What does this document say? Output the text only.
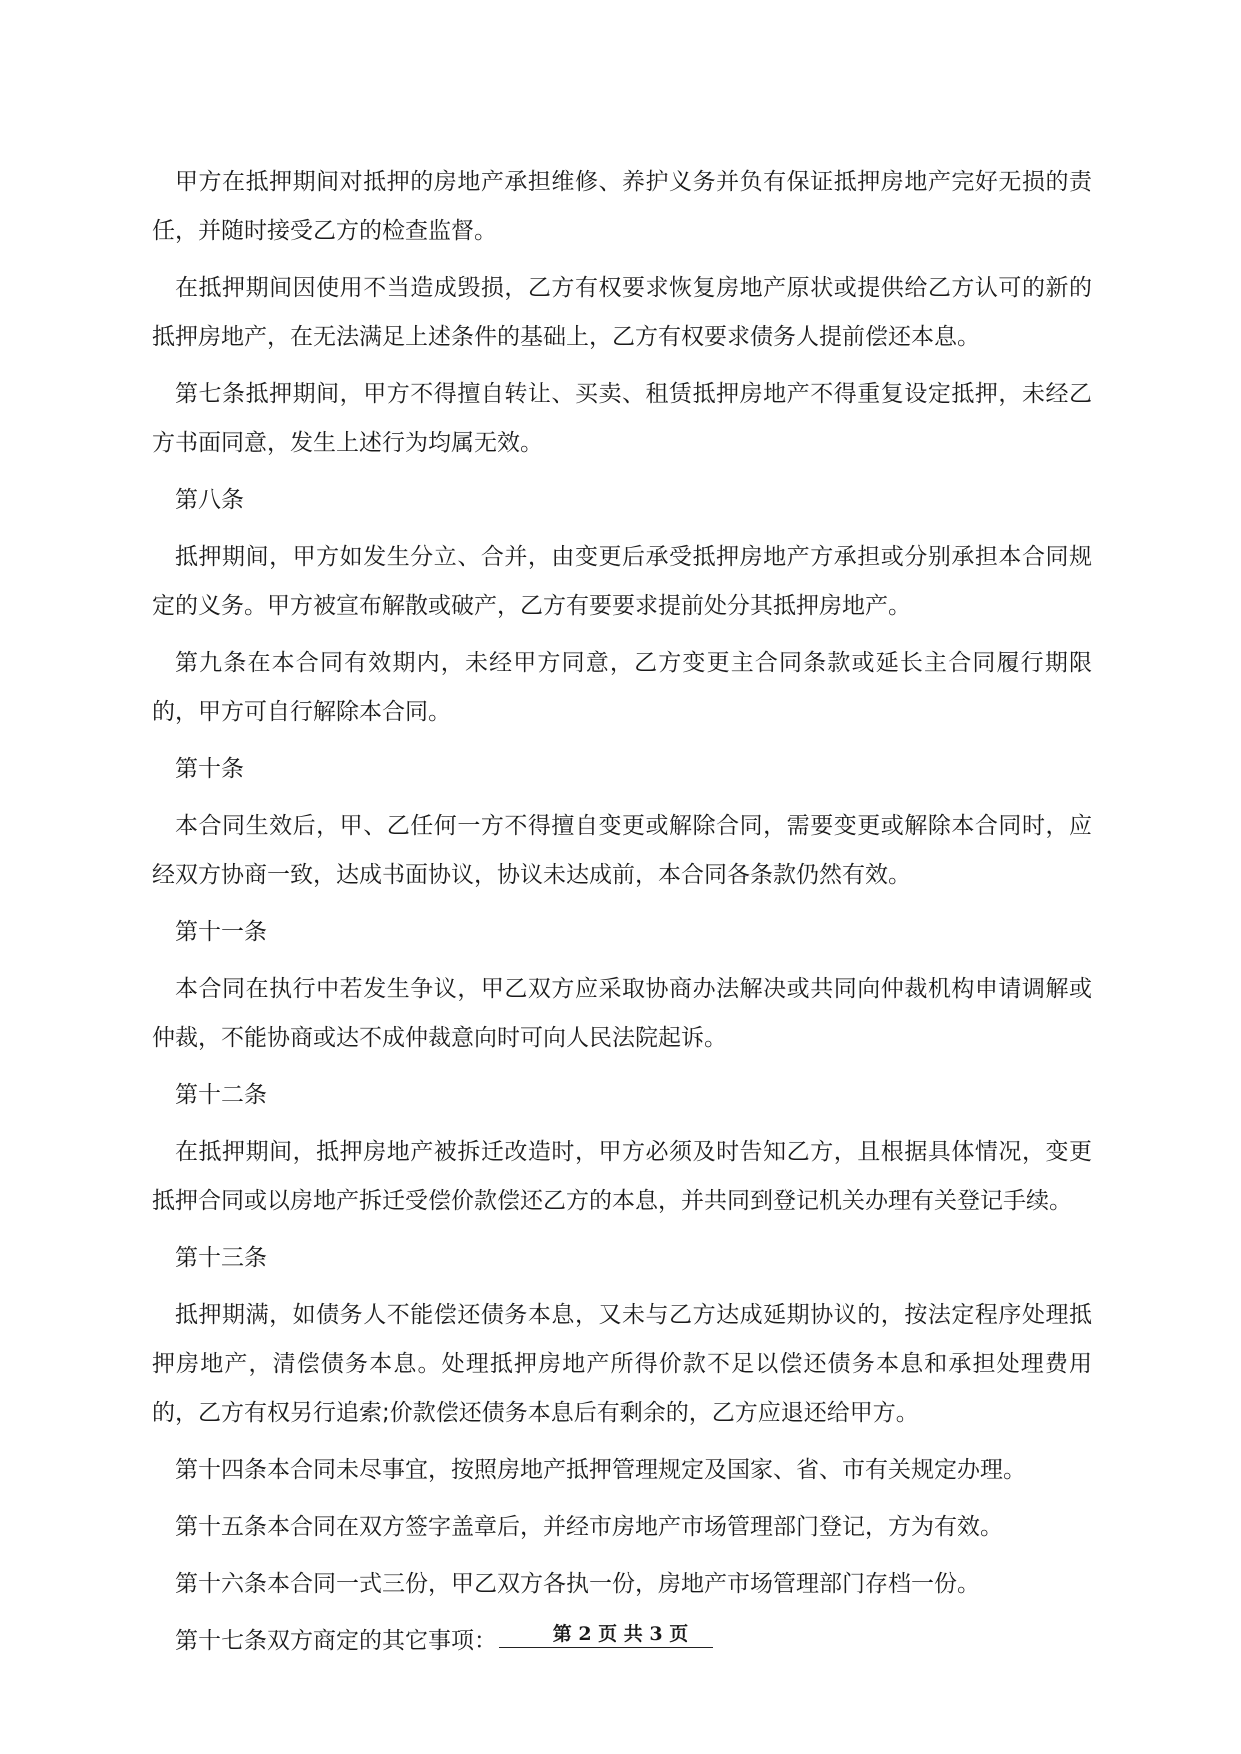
甲方在抵押期间对抵押的房地产承担维修、养护义务并负有保证抵押房地产完好无损的责任，并随时接受乙方的检查监督。

在抵押期间因使用不当造成毁损，乙方有权要求恢复房地产原状或提供给乙方认可的新的抵押房地产，在无法满足上述条件的基础上，乙方有权要求债务人提前偿还本息。

第七条抵押期间，甲方不得擅自转让、买卖、租赁抵押房地产不得重复设定抵押，未经乙方书面同意，发生上述行为均属无效。

第八条

抵押期间，甲方如发生分立、合并，由变更后承受抵押房地产方承担或分别承担本合同规定的义务。甲方被宣布解散或破产，乙方有要要求提前处分其抵押房地产。

第九条在本合同有效期内，未经甲方同意，乙方变更主合同条款或延长主合同履行期限的，甲方可自行解除本合同。

第十条

本合同生效后，甲、乙任何一方不得擅自变更或解除合同，需要变更或解除本合同时，应经双方协商一致，达成书面协议，协议未达成前，本合同各条款仍然有效。

第十一条

本合同在执行中若发生争议，甲乙双方应采取协商办法解决或共同向仲裁机构申请调解或仲裁，不能协商或达不成仲裁意向时可向人民法院起诉。

第十二条

在抵押期间，抵押房地产被拆迁改造时，甲方必须及时告知乙方，且根据具体情况，变更抵押合同或以房地产拆迁受偿价款偿还乙方的本息，并共同到登记机关办理有关登记手续。

第十三条

抵押期满，如债务人不能偿还债务本息，又未与乙方达成延期协议的，按法定程序处理抵押房地产，清偿债务本息。处理抵押房地产所得价款不足以偿还债务本息和承担处理费用的，乙方有权另行追索;价款偿还债务本息后有剩余的，乙方应退还给甲方。

第十四条本合同未尽事宜，按照房地产抵押管理规定及国家、省、市有关规定办理。

第十五条本合同在双方签字盖章后，并经市房地产市场管理部门登记，方为有效。

第十六条本合同一式三份，甲乙双方各执一份，房地产市场管理部门存档一份。

第十七条双方商定的其它事项：	第 2 页 共 3 页
